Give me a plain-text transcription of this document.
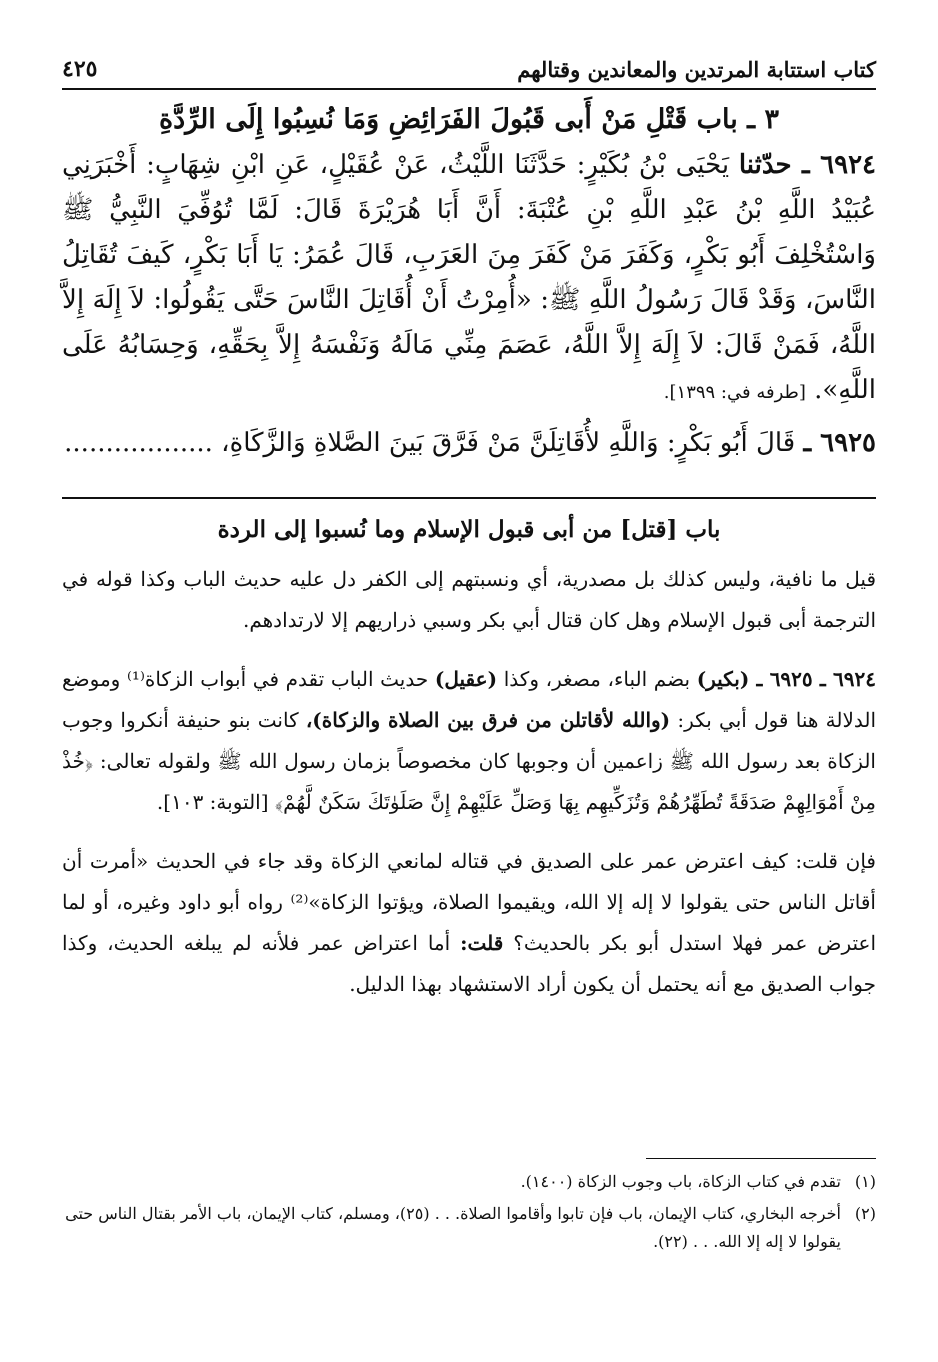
كتاب استتابة المرتدين والمعاندين وقتالهم
٤٢٥
٣ ـ باب قَتْلِ مَنْ أَبى قَبُولَ الفَرَائِضِ وَمَا نُسِبُوا إِلَى الرِّدَّةِ

٦٩٢٤ ـ حدّثنا يَحْيَى بْنُ بُكَيْرٍ: حَدَّثَنَا اللَّيْثُ، عَنْ عُقَيْلٍ، عَنِ ابْنِ شِهَابٍ: أَخْبَرَنِي عُبَيْدُ اللَّهِ بْنُ عَبْدِ اللَّهِ بْنِ عُتْبَةَ: أَنَّ أَبَا هُرَيْرَةَ قَالَ: لَمَّا تُوُفِّيَ النَّبِيُّ ﷺ وَاسْتُخْلِفَ أَبُو بَكْرٍ، وَكَفَرَ مَنْ كَفَرَ مِنَ العَرَبِ، قَالَ عُمَرُ: يَا أَبَا بَكْرٍ، كَيفَ تُقَاتِلُ النَّاسَ، وَقَدْ قَالَ رَسُولُ اللَّهِ ﷺ: «أُمِرْتُ أَنْ أُقَاتِلَ النَّاسَ حَتَّى يَقُولُوا: لاَ إِلَهَ إِلاَّ اللَّهُ، فَمَنْ قَالَ: لاَ إِلَهَ إِلاَّ اللَّهُ، عَصَمَ مِنِّي مَالَهُ وَنَفْسَهُ إِلاَّ بِحَقِّهِ، وَحِسَابُهُ عَلَى اللَّهِ». [طرفه في: ١٣٩٩].

٦٩٢٥ ـ قَالَ أَبُو بَكْرٍ: وَاللَّهِ لأُقَاتِلَنَّ مَنْ فَرَّقَ بَينَ الصَّلاةِ وَالزَّكَاةِ، ..................

باب [قتل] من أبى قبول الإسلام وما نُسبوا إلى الردة

قيل ما نافية، وليس كذلك بل مصدرية، أي ونسبتهم إلى الكفر دل عليه حديث الباب وكذا قوله في الترجمة أبى قبول الإسلام وهل كان قتال أبي بكر وسبي ذراريهم إلا لارتدادهم.

٦٩٢٤ ـ ٦٩٢٥ ـ (بكير) بضم الباء، مصغر، وكذا (عقيل) حديث الباب تقدم في أبواب الزكاة⁽¹⁾ وموضع الدلالة هنا قول أبي بكر: (والله لأقاتلن من فرق بين الصلاة والزكاة)، كانت بنو حنيفة أنكروا وجوب الزكاة بعد رسول الله ﷺ زاعمين أن وجوبها كان مخصوصاً بزمان رسول الله ﷺ ولقوله تعالى: ﴿خُذْ مِنْ أَمْوَالِهِمْ صَدَقَةً تُطَهِّرُهُمْ وَتُزَكِّيهِم بِهَا وَصَلِّ عَلَيْهِمْ إِنَّ صَلَوٰتَكَ سَكَنٌ لَّهُمْ﴾ [التوبة: ١٠٣].

فإن قلت: كيف اعترض عمر على الصديق في قتاله لمانعي الزكاة وقد جاء في الحديث «أمرت أن أقاتل الناس حتى يقولوا لا إله إلا الله، ويقيموا الصلاة، ويؤتوا الزكاة»⁽²⁾ رواه أبو داود وغيره، أو لما اعترض عمر فهلا استدل أبو بكر بالحديث؟ قلت: أما اعتراض عمر فلأنه لم يبلغه الحديث، وكذا جواب الصديق مع أنه يحتمل أن يكون أراد الاستشهاد بهذا الدليل.

(١)
تقدم في كتاب الزكاة، باب وجوب الزكاة (١٤٠٠).
(٢)
أخرجه البخاري، كتاب الإيمان، باب فإن تابوا وأقاموا الصلاة. . . (٢٥)، ومسلم، كتاب الإيمان، باب الأمر بقتال الناس حتى يقولوا لا إله إلا الله. . . (٢٢).
